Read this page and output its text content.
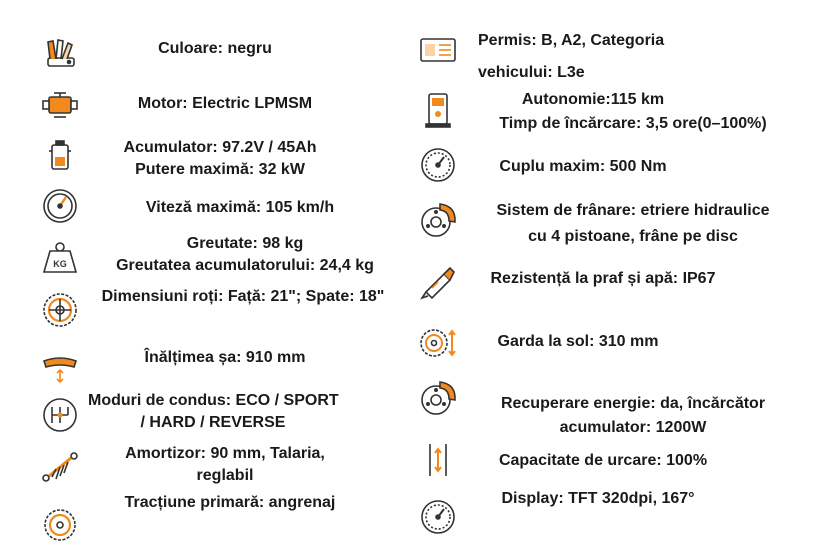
Culoare: negru
Motor: Electric LPMSM
Acumulator: 97.2V / 45Ah
Putere maximă: 32 kW
Viteză maximă: 105 km/h
KG
Greutate: 98 kg
Greutatea acumulatorului: 24,4 kg
Dimensiuni roți: Față: 21"; Spate: 18"
Înălțimea șa: 910 mm
Moduri de condus: ECO / SPORT
/ HARD / REVERSE
Amortizor: 90 mm, Talaria,
reglabil
Tracțiune primară: angrenaj
Permis: B, A2, Categoria
vehicului: L3e
Autonomie:115 km
Timp de încărcare: 3,5 ore(0–100%)
Cuplu maxim: 500 Nm
Sistem de frânare: etriere hidraulice
cu 4 pistoane, frâne pe disc
Rezistență la praf și apă: IP67
Garda la sol: 310 mm
Recuperare energie: da, încărcător
acumulator: 1200W
Capacitate de urcare: 100%
Display: TFT 320dpi, 167°
